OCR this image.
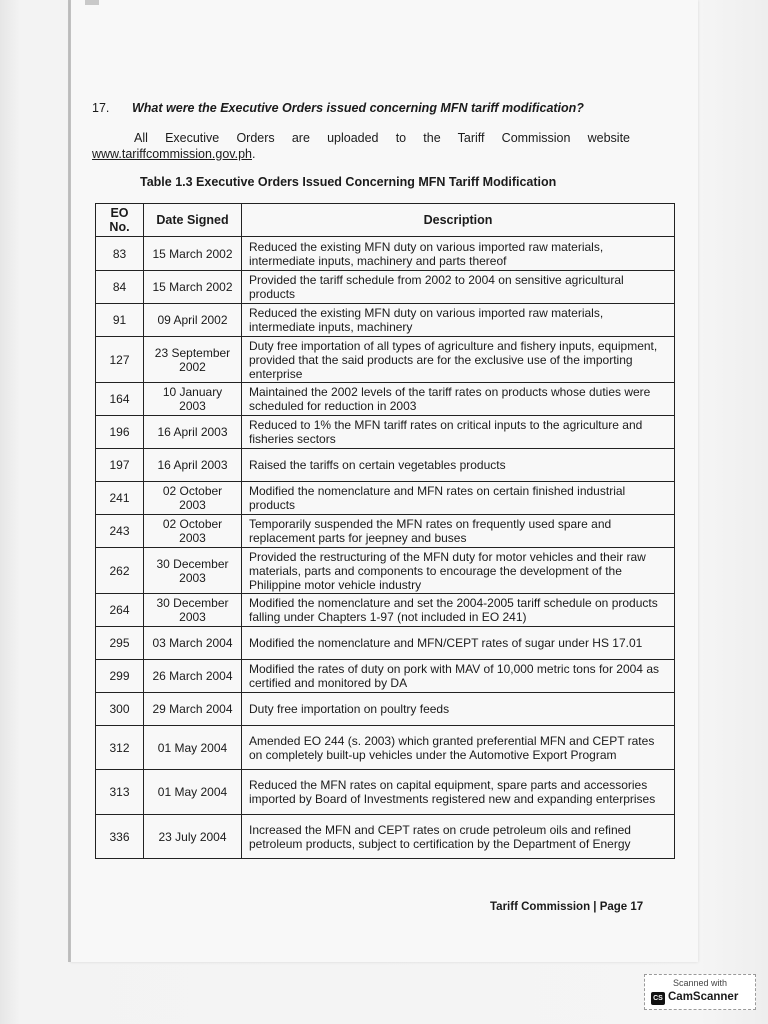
17. What were the Executive Orders issued concerning MFN tariff modification?
All Executive Orders are uploaded to the Tariff Commission website
www.tariffcommission.gov.ph.
Table 1.3 Executive Orders Issued Concerning MFN Tariff Modification
EO No.	Date Signed	Description
83	15 March 2002	Reduced the existing MFN duty on various imported raw materials, intermediate inputs, machinery and parts thereof
84	15 March 2002	Provided the tariff schedule from 2002 to 2004 on sensitive agricultural products
91	09 April 2002	Reduced the existing MFN duty on various imported raw materials, intermediate inputs, machinery
127	23 September 2002	Duty free importation of all types of agriculture and fishery inputs, equipment, provided that the said products are for the exclusive use of the importing enterprise
164	10 January 2003	Maintained the 2002 levels of the tariff rates on products whose duties were scheduled for reduction in 2003
196	16 April 2003	Reduced to 1% the MFN tariff rates on critical inputs to the agriculture and fisheries sectors
197	16 April 2003	Raised the tariffs on certain vegetables products
241	02 October 2003	Modified the nomenclature and MFN rates on certain finished industrial products
243	02 October 2003	Temporarily suspended the MFN rates on frequently used spare and replacement parts for jeepney and buses
262	30 December 2003	Provided the restructuring of the MFN duty for motor vehicles and their raw materials, parts and components to encourage the development of the Philippine motor vehicle industry
264	30 December 2003	Modified the nomenclature and set the 2004-2005 tariff schedule on products falling under Chapters 1-97 (not included in EO 241)
295	03 March 2004	Modified the nomenclature and MFN/CEPT rates of sugar under HS 17.01
299	26 March 2004	Modified the rates of duty on pork with MAV of 10,000 metric tons for 2004 as certified and monitored by DA
300	29 March 2004	Duty free importation on poultry feeds
312	01 May 2004	Amended EO 244 (s. 2003) which granted preferential MFN and CEPT rates on completely built-up vehicles under the Automotive Export Program
313	01 May 2004	Reduced the MFN rates on capital equipment, spare parts and accessories imported by Board of Investments registered new and expanding enterprises
336	23 July 2004	Increased the MFN and CEPT rates on crude petroleum oils and refined petroleum products, subject to certification by the Department of Energy
Tariff Commission | Page 17
Scanned with
CS CamScanner
